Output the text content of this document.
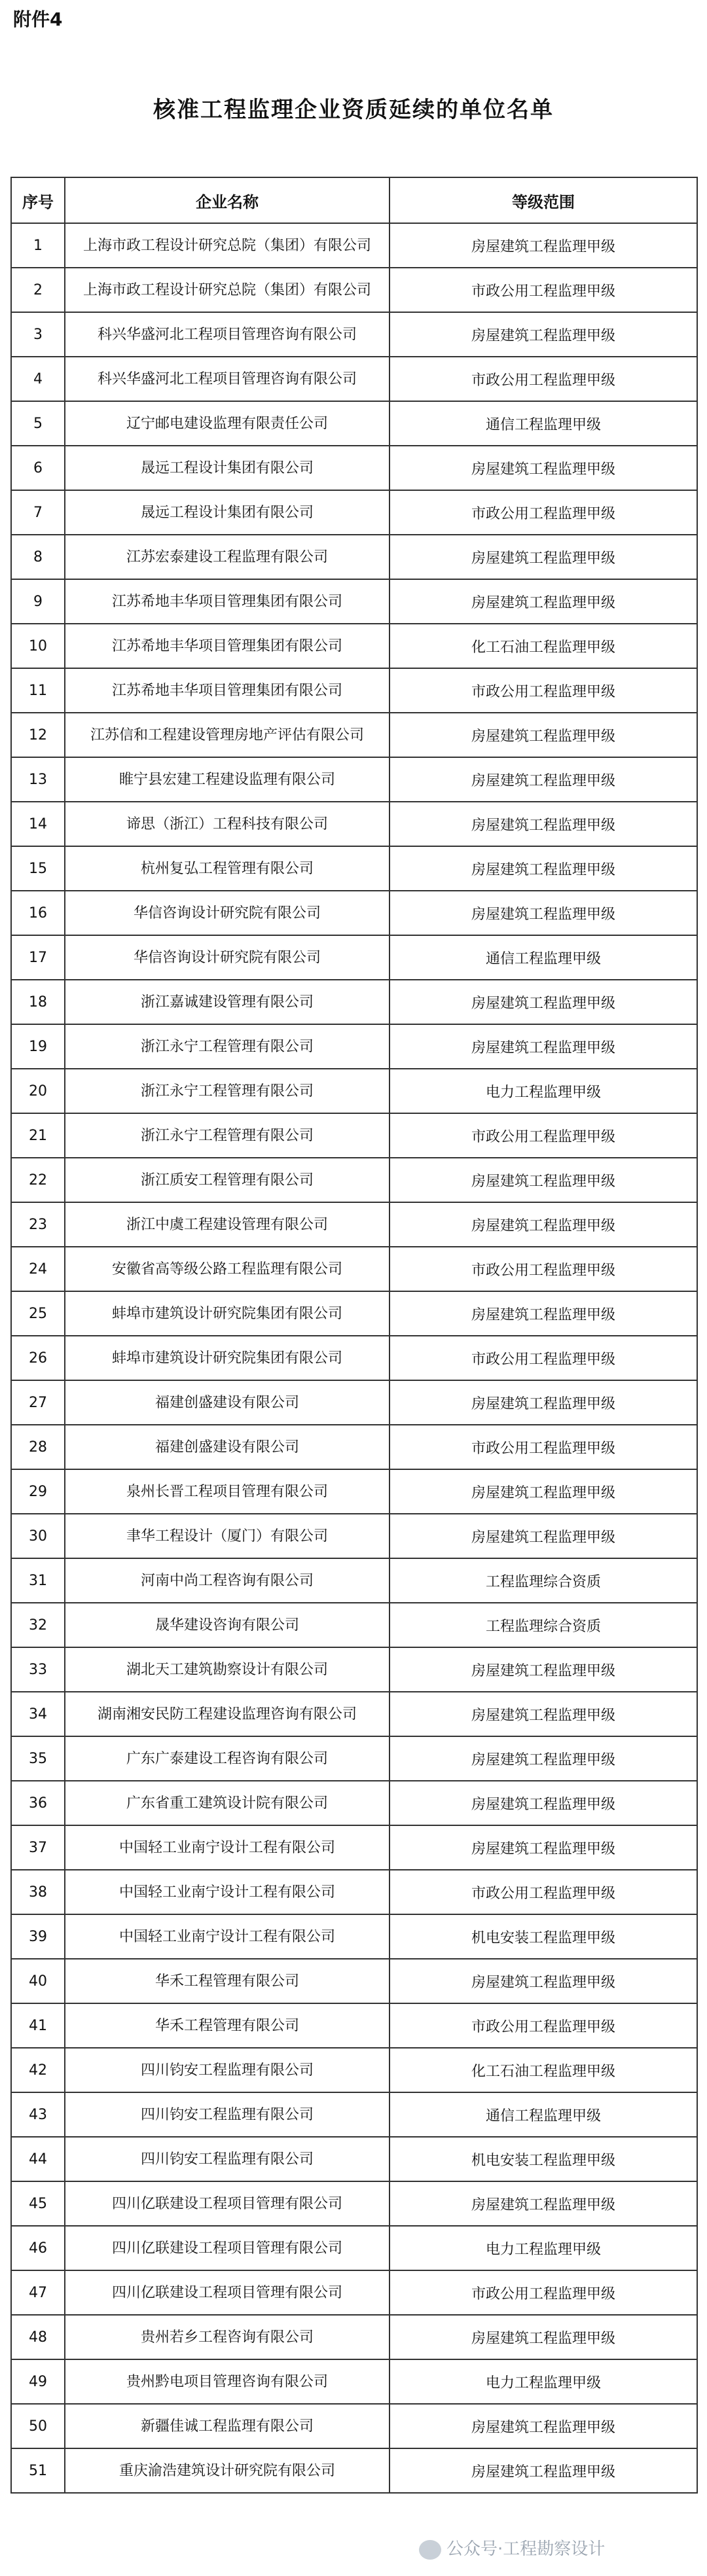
附件4
核准工程监理企业资质延续的单位名单
序号	企业名称	等级范围
1	上海市政工程设计研究总院（集团）有限公司	房屋建筑工程监理甲级
2	上海市政工程设计研究总院（集团）有限公司	市政公用工程监理甲级
3	科兴华盛河北工程项目管理咨询有限公司	房屋建筑工程监理甲级
4	科兴华盛河北工程项目管理咨询有限公司	市政公用工程监理甲级
5	辽宁邮电建设监理有限责任公司	通信工程监理甲级
6	晟远工程设计集团有限公司	房屋建筑工程监理甲级
7	晟远工程设计集团有限公司	市政公用工程监理甲级
8	江苏宏泰建设工程监理有限公司	房屋建筑工程监理甲级
9	江苏希地丰华项目管理集团有限公司	房屋建筑工程监理甲级
10	江苏希地丰华项目管理集团有限公司	化工石油工程监理甲级
11	江苏希地丰华项目管理集团有限公司	市政公用工程监理甲级
12	江苏信和工程建设管理房地产评估有限公司	房屋建筑工程监理甲级
13	睢宁县宏建工程建设监理有限公司	房屋建筑工程监理甲级
14	谛思（浙江）工程科技有限公司	房屋建筑工程监理甲级
15	杭州复弘工程管理有限公司	房屋建筑工程监理甲级
16	华信咨询设计研究院有限公司	房屋建筑工程监理甲级
17	华信咨询设计研究院有限公司	通信工程监理甲级
18	浙江嘉诚建设管理有限公司	房屋建筑工程监理甲级
19	浙江永宁工程管理有限公司	房屋建筑工程监理甲级
20	浙江永宁工程管理有限公司	电力工程监理甲级
21	浙江永宁工程管理有限公司	市政公用工程监理甲级
22	浙江质安工程管理有限公司	房屋建筑工程监理甲级
23	浙江中虞工程建设管理有限公司	房屋建筑工程监理甲级
24	安徽省高等级公路工程监理有限公司	市政公用工程监理甲级
25	蚌埠市建筑设计研究院集团有限公司	房屋建筑工程监理甲级
26	蚌埠市建筑设计研究院集团有限公司	市政公用工程监理甲级
27	福建创盛建设有限公司	房屋建筑工程监理甲级
28	福建创盛建设有限公司	市政公用工程监理甲级
29	泉州长晋工程项目管理有限公司	房屋建筑工程监理甲级
30	聿华工程设计（厦门）有限公司	房屋建筑工程监理甲级
31	河南中尚工程咨询有限公司	工程监理综合资质
32	晟华建设咨询有限公司	工程监理综合资质
33	湖北天工建筑勘察设计有限公司	房屋建筑工程监理甲级
34	湖南湘安民防工程建设监理咨询有限公司	房屋建筑工程监理甲级
35	广东广泰建设工程咨询有限公司	房屋建筑工程监理甲级
36	广东省重工建筑设计院有限公司	房屋建筑工程监理甲级
37	中国轻工业南宁设计工程有限公司	房屋建筑工程监理甲级
38	中国轻工业南宁设计工程有限公司	市政公用工程监理甲级
39	中国轻工业南宁设计工程有限公司	机电安装工程监理甲级
40	华禾工程管理有限公司	房屋建筑工程监理甲级
41	华禾工程管理有限公司	市政公用工程监理甲级
42	四川钧安工程监理有限公司	化工石油工程监理甲级
43	四川钧安工程监理有限公司	通信工程监理甲级
44	四川钧安工程监理有限公司	机电安装工程监理甲级
45	四川亿联建设工程项目管理有限公司	房屋建筑工程监理甲级
46	四川亿联建设工程项目管理有限公司	电力工程监理甲级
47	四川亿联建设工程项目管理有限公司	市政公用工程监理甲级
48	贵州若乡工程咨询有限公司	房屋建筑工程监理甲级
49	贵州黔电项目管理咨询有限公司	电力工程监理甲级
50	新疆佳诚工程监理有限公司	房屋建筑工程监理甲级
51	重庆渝浩建筑设计研究院有限公司	房屋建筑工程监理甲级
公众号·工程勘察设计
